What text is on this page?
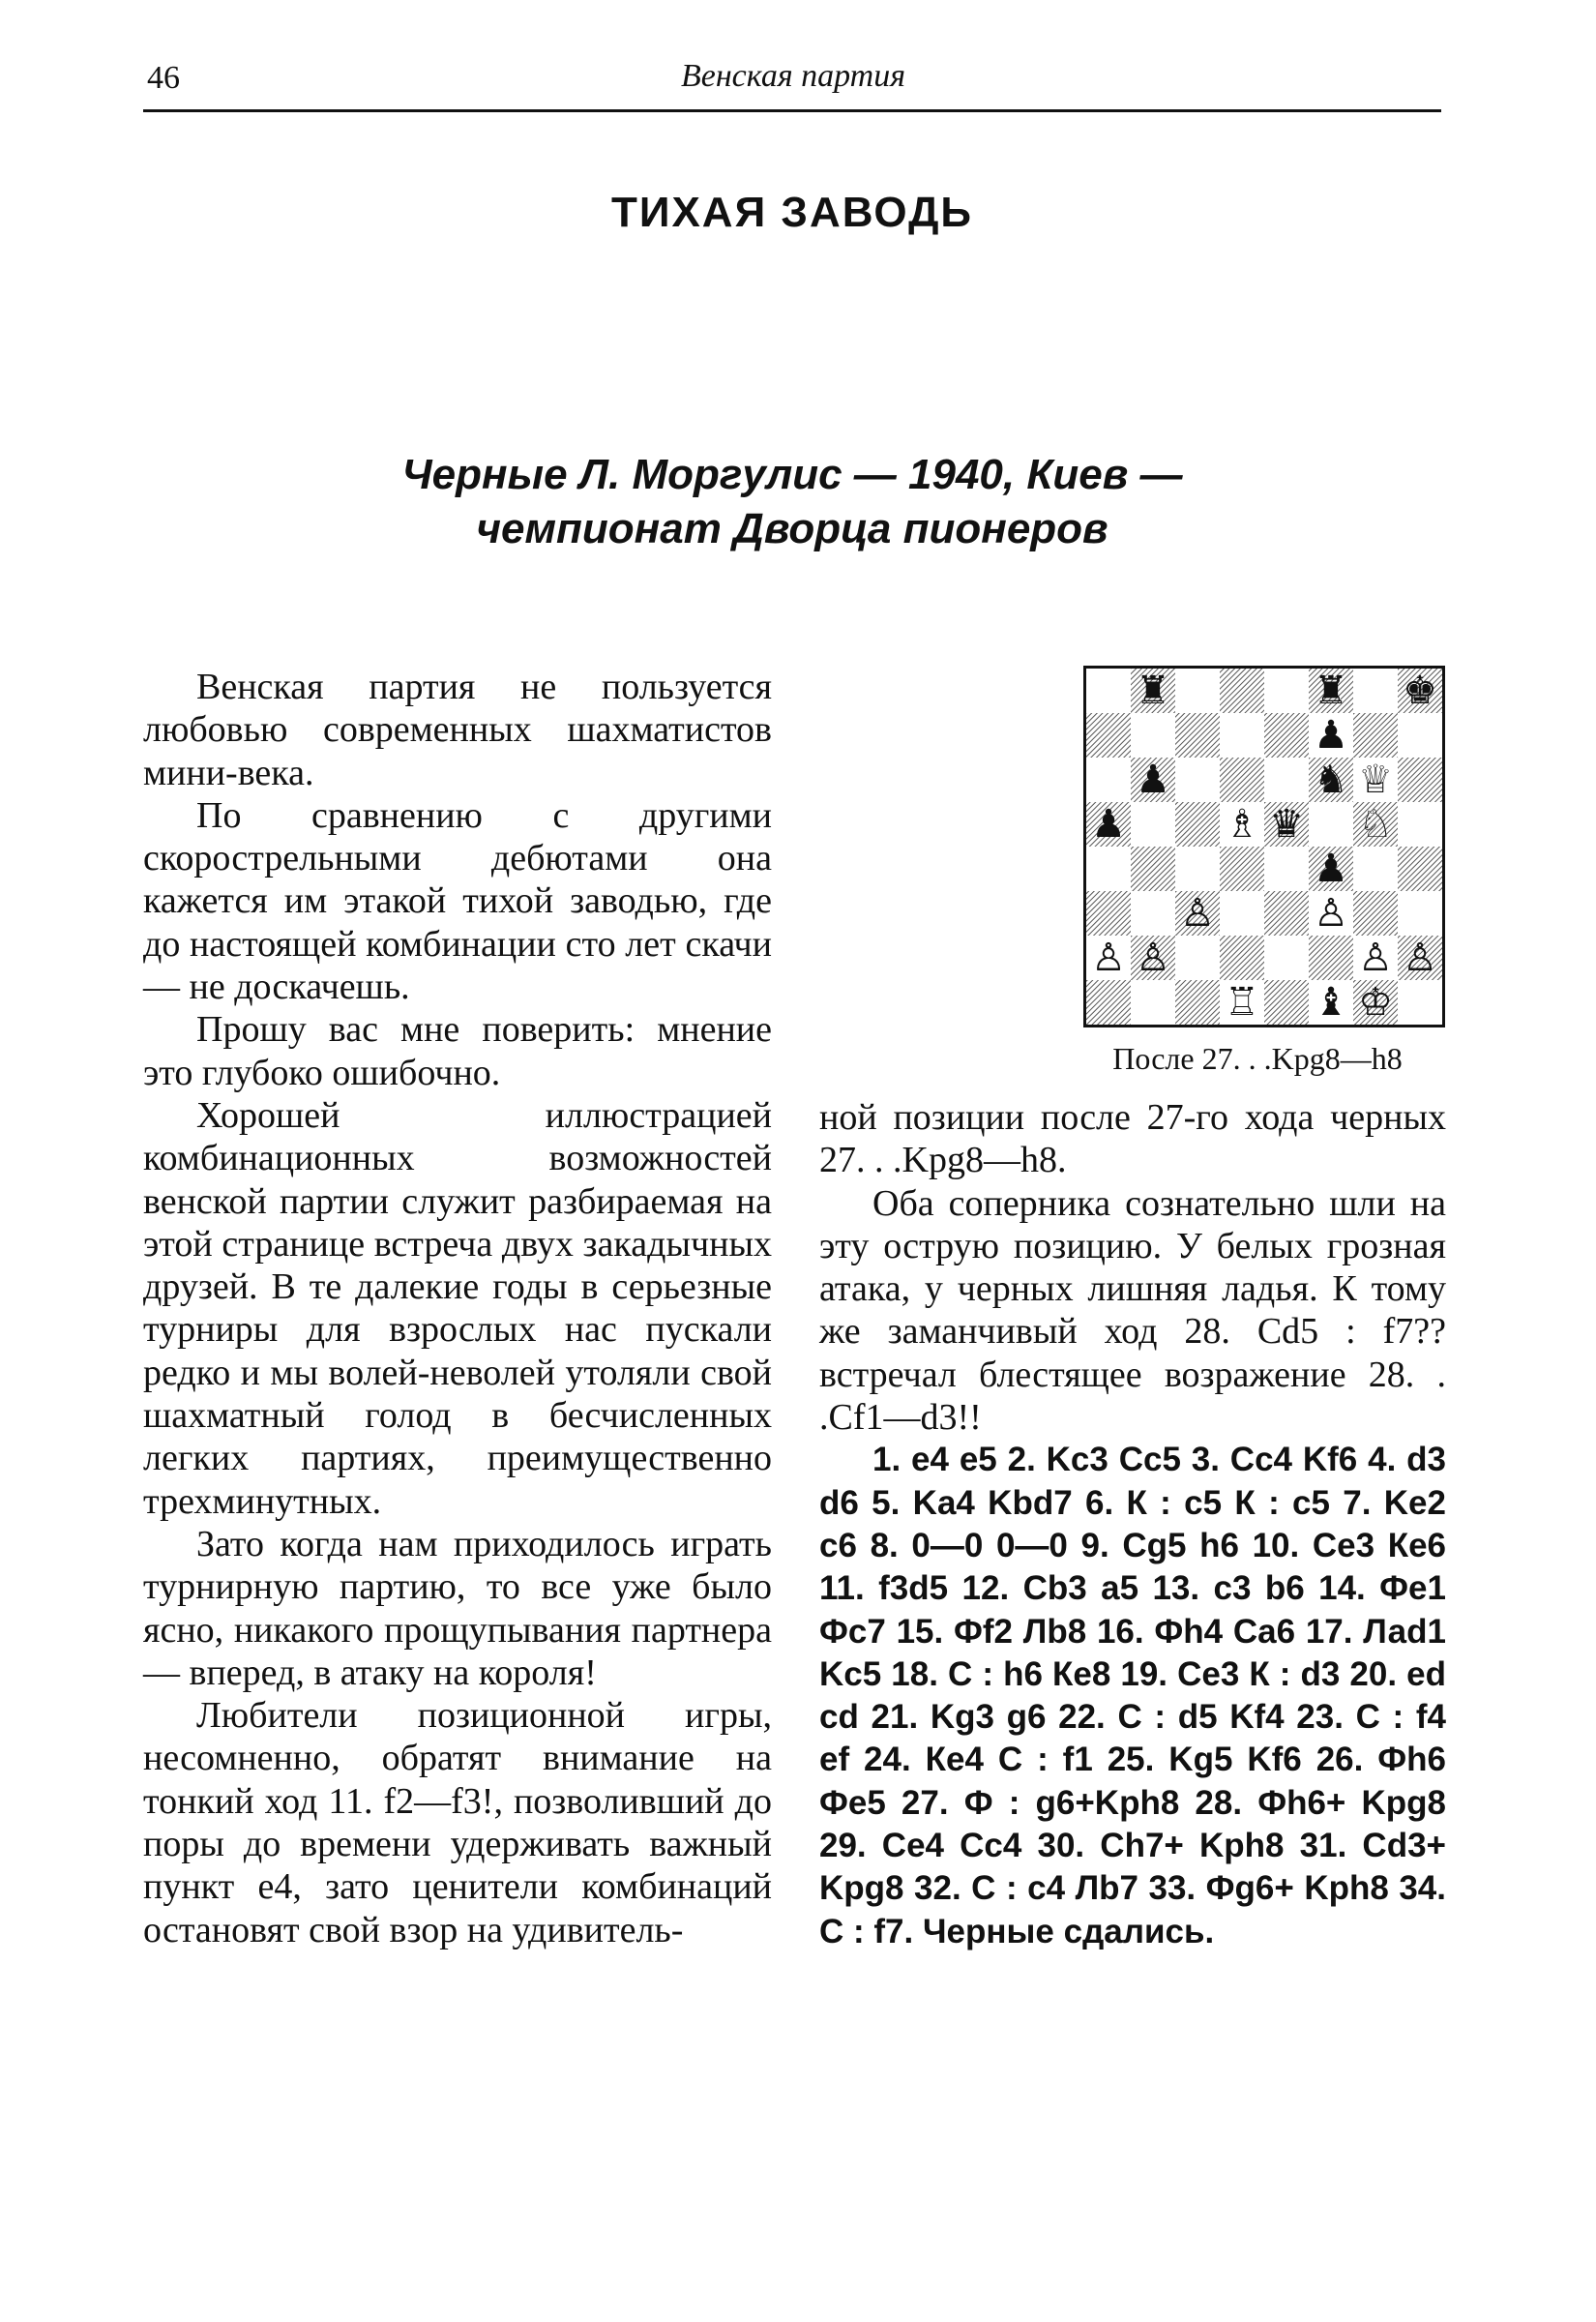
46	Венская партия
ТИХАЯ ЗАВОДЬ
Черные Л. Моргулис — 1940, Киев —
чемпионат Дворца пионеров

Венская партия не пользуется любовью современных шахматистов мини-века.

По сравнению с другими скорострельными дебютами она кажется им этакой тихой заводью, где до настоящей комбинации сто лет скачи — не доскачешь.

Прошу вас мне поверить: мнение это глубоко ошибочно.

Хорошей иллюстрацией комбинационных возможностей венской партии служит разбираемая на этой странице встреча двух закадычных друзей. В те далекие годы в серьезные турниры для взрослых нас пускали редко и мы волей-неволей утоляли свой шахматный голод в бесчисленных легких партиях, преимущественно трехминутных.

Зато когда нам приходилось играть турнирную партию, то все уже было ясно, никакого прощупывания партнера — вперед, в атаку на короля!

Любители позиционной игры, несомненно, обратят внимание на тонкий ход 11. f2—f3!, позволивший до поры до времени удерживать важный пункт е4, зато ценители комбинаций остановят свой взор на удивитель-

♜	♜ ♚
♟
♟	♞ ♕
♟	♗ ♛ ♘
♟
♙	♙
♙ ♙	♙ ♙
♖ ♝ ♔
После 27. . .Kpg8—h8

ной позиции после 27-го хода черных 27. . .Kpg8—h8.

Оба соперника сознательно шли на эту острую позицию. У белых грозная атака, у черных лишняя ладья. К тому же заманчивый ход 28. Cd5 : f7?? встречал блестящее возражение 28. . .Cf1—d3!!

1. е4 е5 2. Kc3 Cc5 3. Cc4 Kf6 4. d3 d6 5. Ka4 Kbd7 6. К : с5 К : с5 7. Ke2 с6 8. 0—0 0—0 9. Cg5 h6 10. Се3 Ке6 11. f3d5 12. Cb3 a5 13. c3 b6 14. Фе1 Фс7 15. Фf2 Лb8 16. Фh4 Ca6 17. Лаd1 Kc5 18. С : h6 Ке8 19. Се3 К : d3 20. ed cd 21. Kg3 g6 22. С : d5 Kf4 23. С : f4 ef 24. Ке4 С : f1 25. Kg5 Kf6 26. Фh6 Фе5 27. Ф : g6+Kph8 28. Фh6+ Kpg8 29. Се4 Cc4 30. Ch7+ Kph8 31. Cd3+ Kpg8 32. С : с4 Лb7 33. Фg6+ Kph8 34. С : f7. Черные сдались.
